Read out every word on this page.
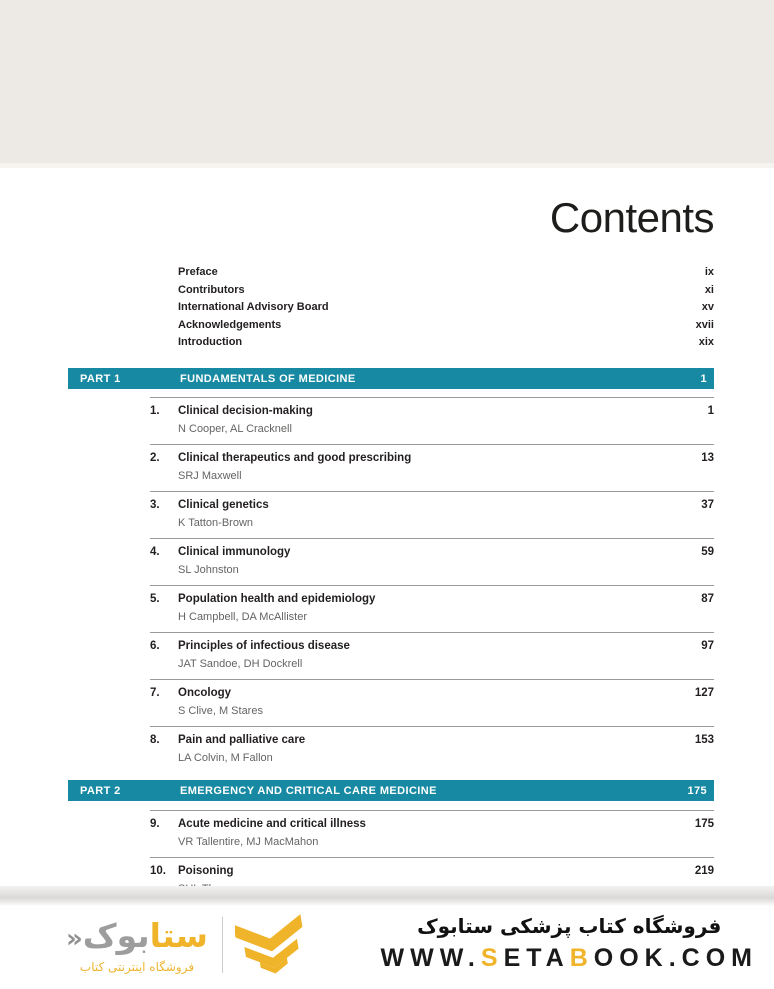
Contents
Preface	ix
Contributors	xi
International Advisory Board	xv
Acknowledgements	xvii
Introduction	xix
PART 1	FUNDAMENTALS OF MEDICINE	1
1.	Clinical decision-making	1
N Cooper, AL Cracknell
2.	Clinical therapeutics and good prescribing	13
SRJ Maxwell
3.	Clinical genetics	37
K Tatton-Brown
4.	Clinical immunology	59
SL Johnston
5.	Population health and epidemiology	87
H Campbell, DA McAllister
6.	Principles of infectious disease	97
JAT Sandoe, DH Dockrell
7.	Oncology	127
S Clive, M Stares
8.	Pain and palliative care	153
LA Colvin, M Fallon
PART 2	EMERGENCY AND CRITICAL CARE MEDICINE	175
9.	Acute medicine and critical illness	175
VR Tallentire, MJ MacMahon
10.	Poisoning	219
ستابوک«
فروشگاه اینترنتی کتاب
فروشگاه کتاب پزشکی ستابوک
WWW.SETABOOK.COM
